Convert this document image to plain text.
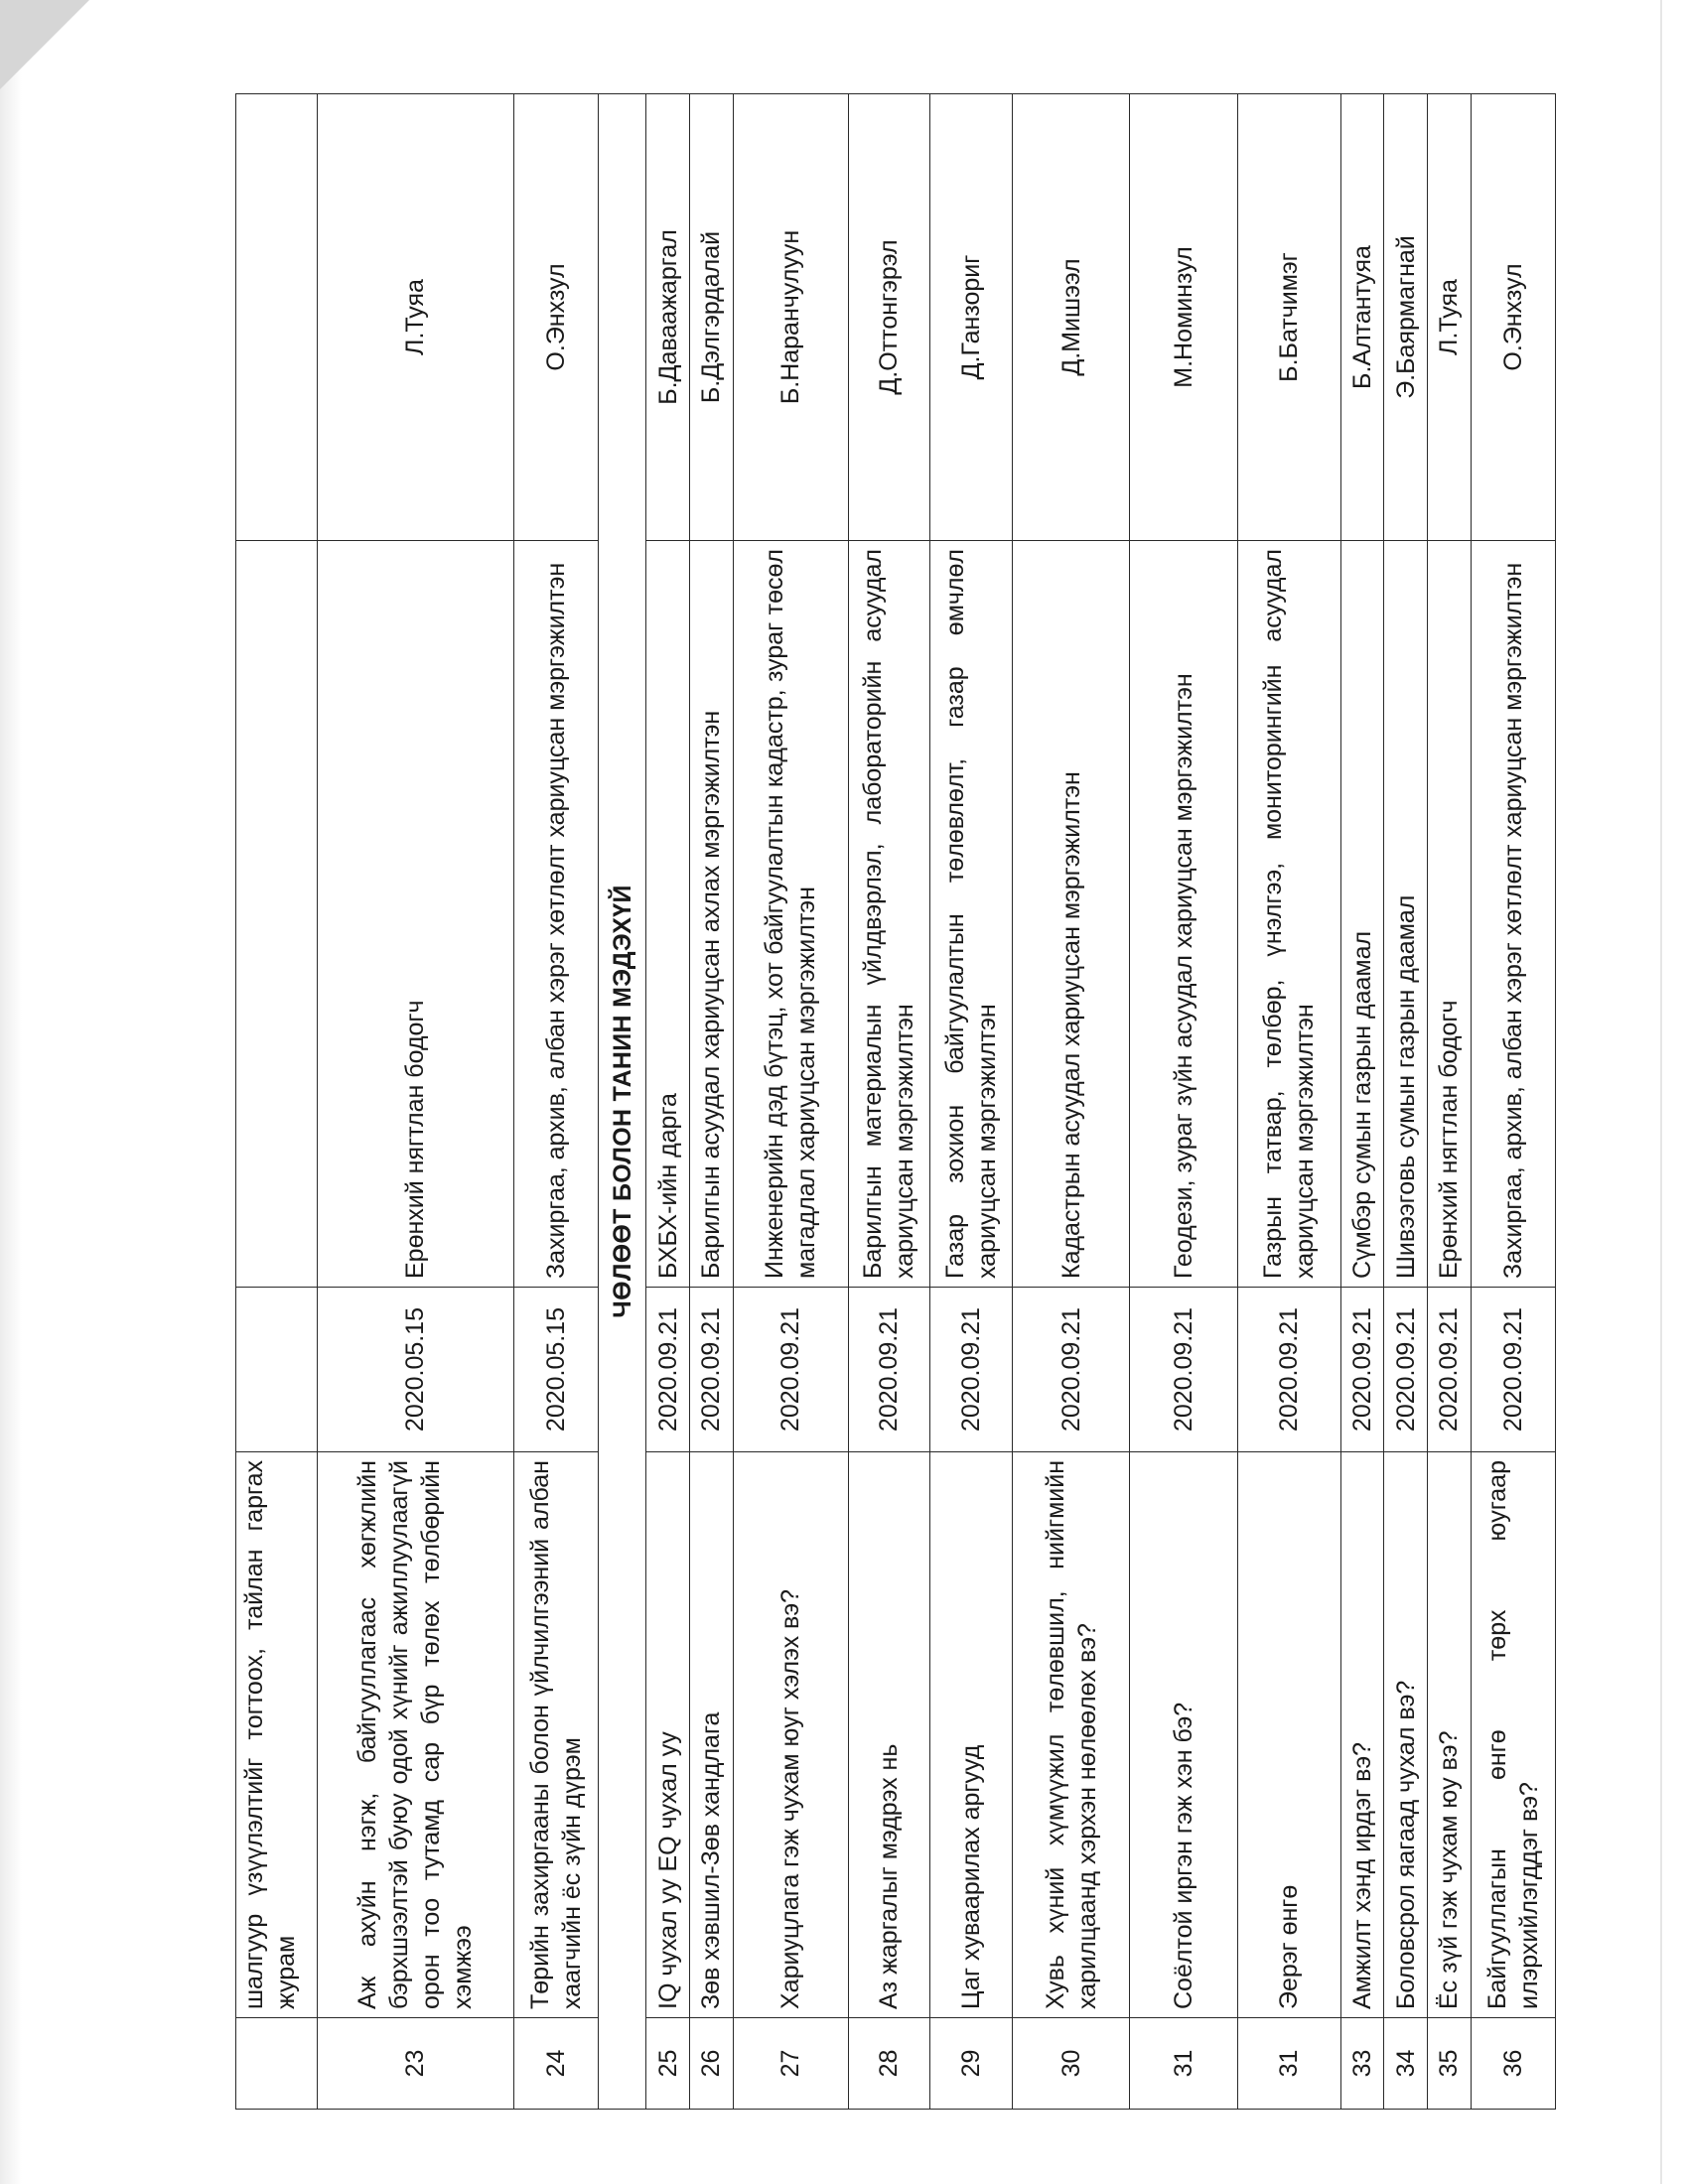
	шалгуур үзүүлэлтийг тогтоох, тайлан гаргах журам			
23	Аж ахуйн нэгж, байгууллагаас хөгжлийн бэрхшээлтэй буюу одой хүнийг ажиллуулаагүй орон тоо тутамд сар бүр төлөх төлбөрийн хэмжээ	2020.05.15	Ерөнхий нягтлан бодогч	Л.Туяа
24	Төрийн захиргааны болон үйлчилгээний албан хаагчийн ёс зүйн дүрэм	2020.05.15	Захиргаа, архив, албан хэрэг хөтлөлт хариуцсан мэргэжилтэн	О.Энхзул
ЧӨЛӨӨТ БОЛОН ТАНИН МЭДЭХҮЙ				
25	IQ чухал уу EQ чухал уу	2020.09.21	БХБХ-ийн дарга	Б.Даваажаргал
26	Зөв хэвшил-Зөв хандлага	2020.09.21	Барилгын асуудал хариуцсан ахлах мэргэжилтэн	Б.Дэлгэрдалай
27	Хариуцлага гэж чухам юуг хэлэх вэ?	2020.09.21	Инженерийн дэд бүтэц, хот байгуулалтын кадастр, зураг төсөл магадлал хариуцсан мэргэжилтэн	Б.Наранчулуун
28	Аз жаргалыг мэдрэх нь	2020.09.21	Барилгын материалын үйлдвэрлэл, лабораторийн асуудал хариуцсан мэргэжилтэн	Д.Оттонгэрэл
29	Цаг хуваарилах аргууд	2020.09.21	Газар зохион байгуулалтын төлөвлөлт, газар өмчлөл хариуцсан мэргэжилтэн	Д.Ганзориг
30	Хувь хүний хүмүүжил төлөвшил, нийгмийн харилцаанд хэрхэн нөлөөлөх вэ?	2020.09.21	Кадастрын асуудал хариуцсан мэргэжилтэн	Д.Мишээл
31	Соёлтой иргэн гэж хэн бэ?	2020.09.21	Геодези, зураг зүйн асуудал хариуцсан мэргэжилтэн	М.Номинзул
31	Эерэг өнгө	2020.09.21	Газрын татвар, төлбөр, үнэлгээ, мониторингийн асуудал хариуцсан мэргэжилтэн	Б.Батчимэг
33	Амжилт хэнд ирдэг вэ?	2020.09.21	Сүмбэр сумын газрын даамал	Б.Алтантуяа
34	Боловсрол яагаад чухал вэ?	2020.09.21	Шивээговь сумын газрын даамал	Э.Баярмагнай
35	Ёс зүй гэж чухам юу вэ?	2020.09.21	Ерөнхий нягтлан бодогч	Л.Туяа
36	Байгууллагын өнгө төрх юугаар илэрхийлэгддэг вэ?	2020.09.21	Захиргаа, архив, албан хэрэг хөтлөлт хариуцсан мэргэжилтэн	О.Энхзул
